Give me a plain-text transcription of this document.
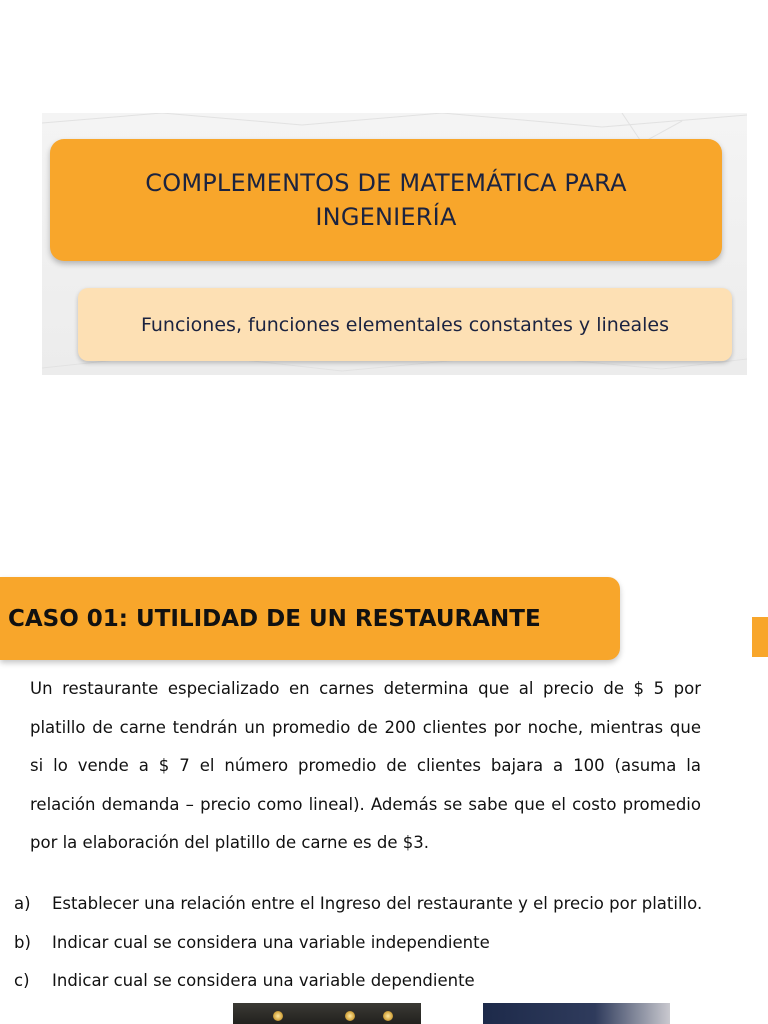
COMPLEMENTOS DE MATEMÁTICA PARA INGENIERÍA
Funciones, funciones elementales constantes y lineales
CASO 01: UTILIDAD DE UN RESTAURANTE

Un restaurante especializado en carnes determina que al precio de $ 5 por platillo de carne tendrán un promedio de 200 clientes por noche, mientras que si lo vende a $ 7 el número promedio de clientes bajara a 100 (asuma la relación demanda – precio como lineal). Además se sabe que el costo promedio por la elaboración del platillo de carne es de $3.

a)	Establecer una relación entre el Ingreso del restaurante y el precio por platillo.
b)	Indicar cual se considera una variable independiente
c)	Indicar cual se considera una variable dependiente
